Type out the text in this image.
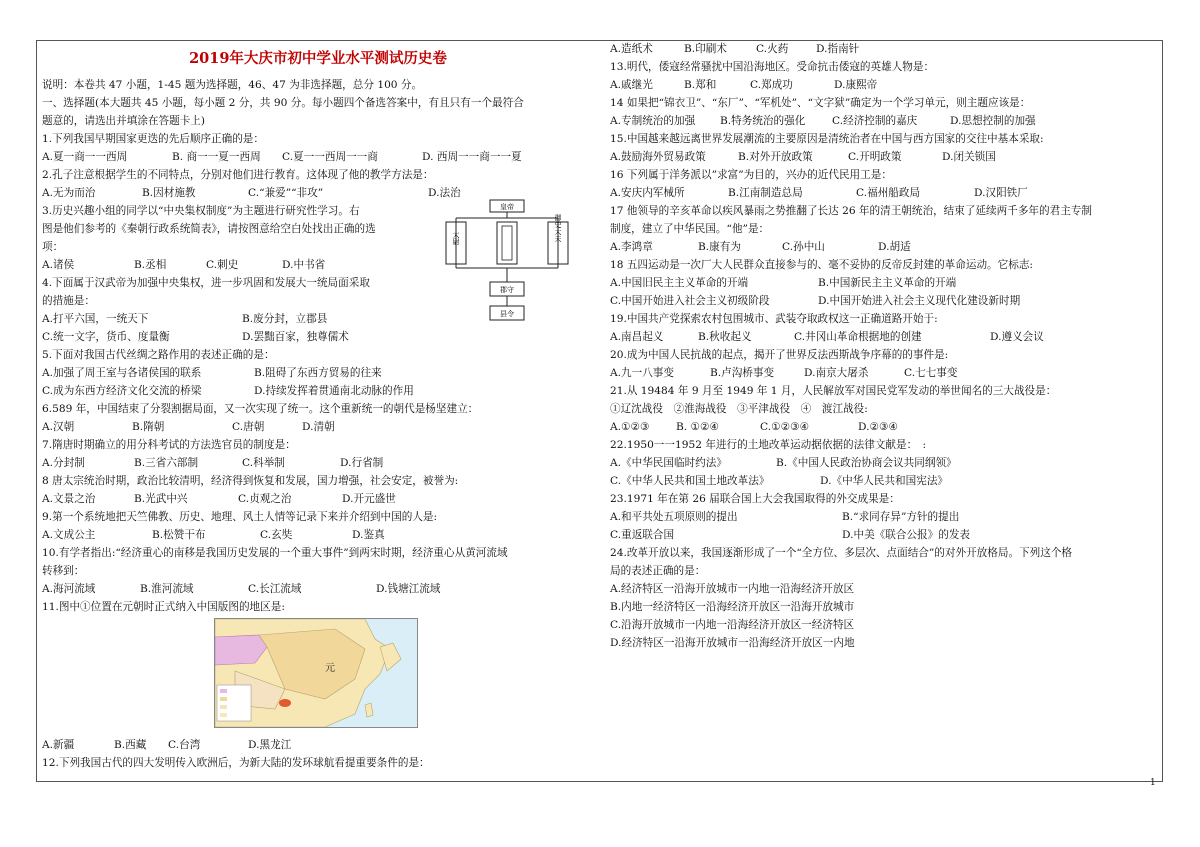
2019年大庆市初中学业水平测试历史卷
说明：本卷共 47 小题，1-45 题为选择题，46、47 为非选择题，总分 100 分。
一、选择题(本大题共 45 小题，每小题 2 分，共 90 分。每小题四个备选答案中，有且只有一个最符合
题意的，请选出并填涂在答题卡上)
1.下列我国早期国家更迭的先后顺序正确的是：
A.夏一商一一西周	B. 商一一夏一西周	C.夏一一西周一一商	D. 西周一一商一一夏
2.孔子注意根据学生的不同特点，分别对他们进行教育。这体现了他的教学方法是：
A.无为而治	B.因材施教	C.“兼爱”“非攻”	D.法治
3.历史兴趣小组的同学以“中央集权制度”为主题进行研究性学习。右
图是他们参考的《秦朝行政系统简表》，请按图意给空白处找出正确的选
项：
A.诸侯	B.丞相	C.刺史	D.中书省
皇帝
太尉	御史大夫
郡守
县令
4.下面属于汉武帝为加强中央集权，进一步巩固和发展大一统局面采取
的措施是：
A.打平六国，一统天下	B.废分封，立郡县
C.统一文字，货币、度量衡	D.罢黜百家，独尊儒术
5.下面对我国古代丝绸之路作用的表述正确的是：
A.加强了周王室与各诸侯国的联系	B.阻碍了东西方贸易的往来
C.成为东西方经济文化交流的桥梁	D.持续发挥着贯通南北动脉的作用
6.589 年，中国结束了分裂割据局面，又一次实现了统一。这个重新统一的朝代是杨坚建立：
A.汉朝	B.隋朝	C.唐朝	D.清朝
7.隋唐时期确立的用分科考试的方法选官员的制度是：
A.分封制	B.三省六部制	C.科举制	D.行省制
8 唐太宗统治时期，政治比较清明，经济得到恢复和发展，国力增强，社会安定，被誉为:
A.文景之治	B.光武中兴	C.贞观之治	D.开元盛世
9.第一个系统地把天竺佛教、历史、地理、风土人情等记录下来并介绍到中国的人是:
A.文成公主	B.松赞干布	C.玄奘	D.鉴真
10.有学者指出:“经济重心的南移是我国历史发展的一个重大事件”到两宋时期，经济重心从黄河流域
转移到：
A.海河流域	B.淮河流域	C.长江流域	D.钱塘江流域
11.图中①位置在元朝时正式纳入中国版图的地区是:
元
A.新疆	B.西藏	C.台湾	D.黑龙江
12.下列我国古代的四大发明传入欧洲后，为新大陆的发环球航看提重要条件的是：
A.造纸术	B.印刷术	C.火药	D.指南针
13.明代，倭寇经常骚扰中国沿海地区。受命抗击倭寇的英雄人物是：
A.戚继光	B.郑和	C.郑成功	D.康熙帝
14 如果把“锦衣卫”、“东厂”、“军机处”、“文字狱”确定为一个学习单元，则主题应该是：
A.专制统治的加强	B.特务统治的强化	C.经济控制的嘉庆	D.思想控制的加强
15.中国越来越远离世界发展潮流的主要原因是清统治者在中国与西方国家的交往中基本采取:
A.鼓励海外贸易政策	B.对外开放政策	C.开明政策	D.闭关锁国
16 下列属于洋务派以”求富”为目的，兴办的近代民用工是：
A.安庆内军械所	B.江南制造总局	C.福州船政局	D.汉阳铁厂
17 他领导的辛亥革命以疾风暴雨之势推翻了长达 26 年的清王朝统治，结束了延续两千多年的君主专制
制度，建立了中华民国。“他”是：
A.李鸿章	B.康有为	C.孙中山	D.胡适
18 五四运动是一次厂大人民群众直接参与的、毫不妥协的反帝反封建的革命运动。它标志:
A.中国旧民主主义革命的开端	B.中国新民主主义革命的开端
C.中国开始进入社会主义初级阶段	D.中国开始进入社会主义现代化建设新时期
19.中国共产党探索农村包围城市、武装夺取政权这一正确道路开始于:
A.南昌起义	B.秋收起义	C.井冈山革命根据地的创建	D.遵义会议
20.成为中国人民抗战的起点，揭开了世界反法西斯战争序幕的的事件是:
A.九一八事变	B.卢沟桥事变	D.南京大屠杀	C.七七事变
21.从 19484 年 9 月至 1949 年 1 月，人民解放军对国民党军发动的举世闻名的三大战役是：
①辽沈战役　②淮海战役　③平津战役　④　渡江战役:
A.①②③	B. ①②④	C.①②③④	D.②③④
22.1950一一1952 年进行的土地改革运动据依据的法律文献是：　:
A.《中华民国临时约法》	B.《中国人民政治协商会议共同纲领》
C.《中华人民共和国土地改革法》	D.《中华人民共和国宪法》
23.1971 年在第 26 届联合国上大会我国取得的外交成果是：
A.和平共处五项原则的提出	B.“求同存异”方针的提出
C.重返联合国	D.中美《联合公报》的发表
24.改革开放以来，我国逐渐形成了一个“全方位、多层次、点面结合”的对外开放格局。下列这个格
局的表述正确的是：
A.经济特区一沿海开放城市一内地一沿海经济开放区
B.内地一经济特区一沿海经济开放区一沿海开放城市
C.沿海开放城市一内地一沿海经济开放区一经济特区
D.经济特区一沿海开放城市一沿海经济开放区一内地
1
